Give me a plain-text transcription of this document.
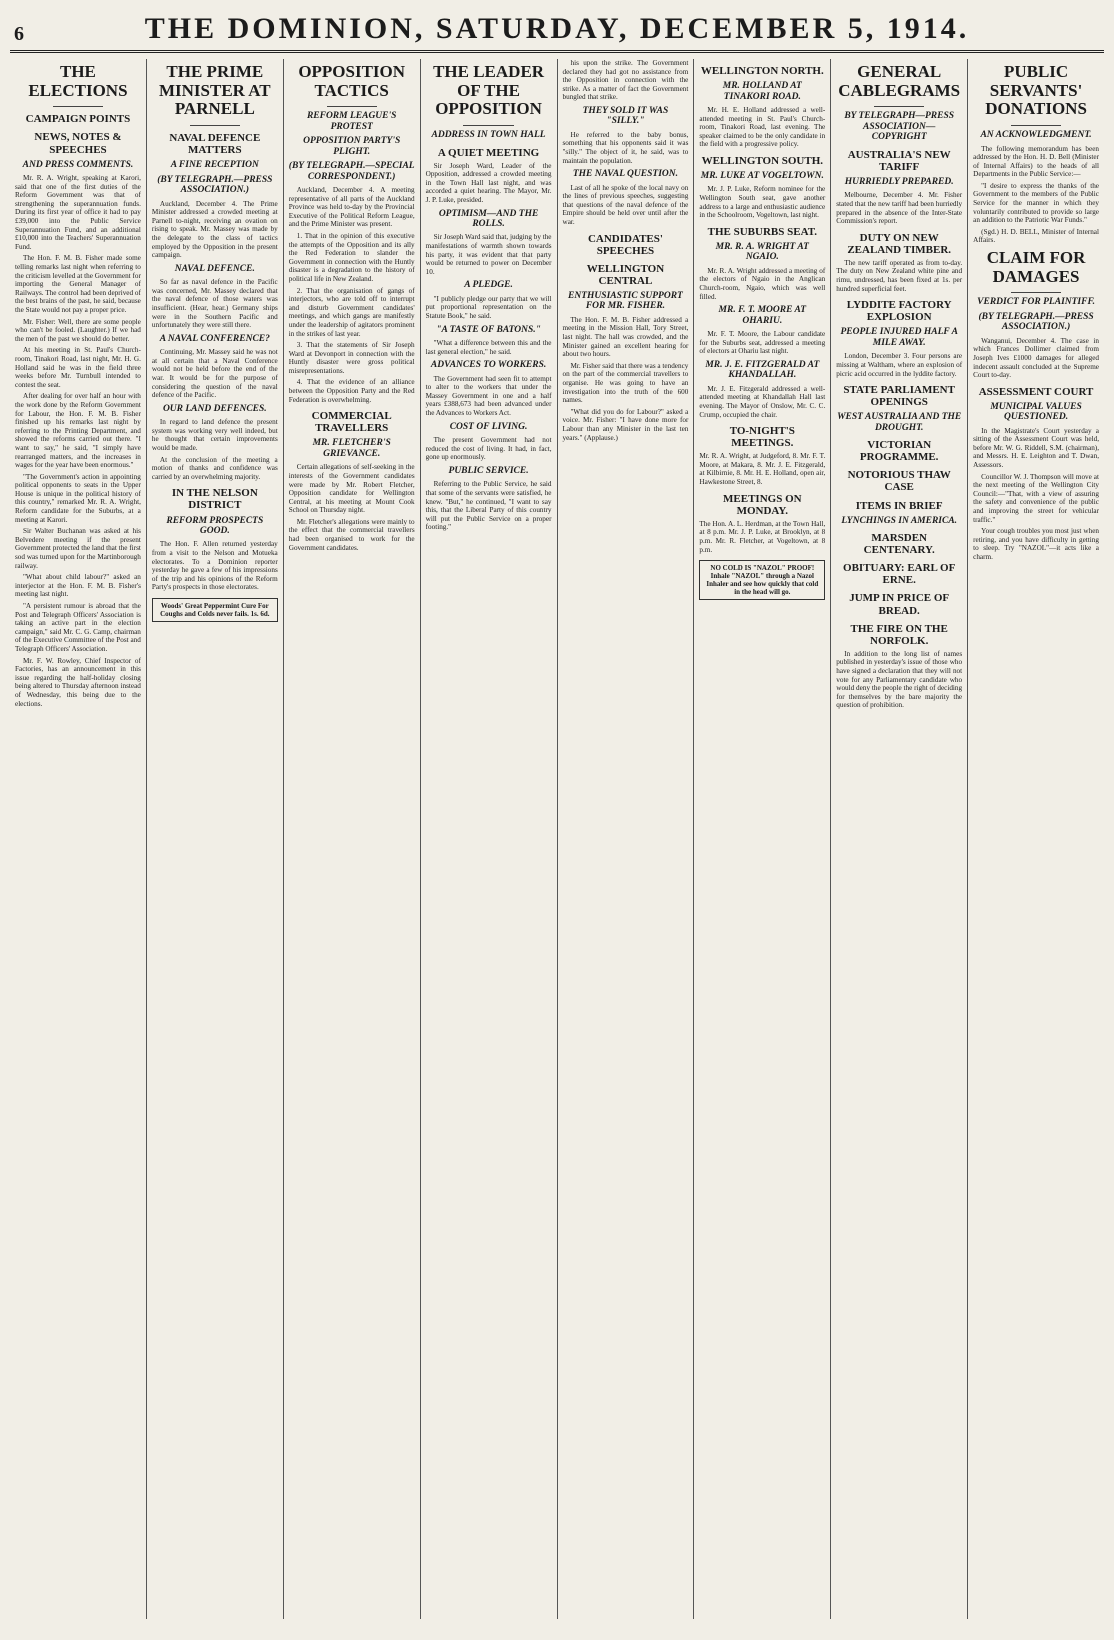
6	THE DOMINION, SATURDAY, DECEMBER 5, 1914.
THE ELECTIONS
CAMPAIGN POINTS
NEWS, NOTES & SPEECHES
AND PRESS COMMENTS.

Mr. R. A. Wright, speaking at Karori, said that one of the first duties of the Reform Government was that of strengthening the superannuation funds. During its first year of office it had to pay £39,000 into the Public Service Superannuation Fund, and an additional £10,000 into the Teachers' Superannuation Fund.

The Hon. F. M. B. Fisher made some telling remarks last night when referring to the criticism levelled at the Government for importing the General Manager of Railways. The control had been deprived of the best brains of the past, he said, because the State would not pay a proper price.

Mr. Fisher: Well, there are some people who can't be fooled. (Laughter.) If we had the men of the past we should do better.

At his meeting in St. Paul's Church-room, Tinakori Road, last night, Mr. H. G. Holland said he was in the field three weeks before Mr. Turnbull intended to contest the seat.

After dealing for over half an hour with the work done by the Reform Government for Labour, the Hon. F. M. B. Fisher finished up his remarks last night by referring to the Printing Department, and showed the reforms carried out there. "I want to say," he said, "I simply have rearranged matters, and the increases in wages for the year have been enormous."

"The Government's action in appointing political opponents to seats in the Upper House is unique in the political history of this country," remarked Mr. R. A. Wright, Reform candidate for the Suburbs, at a meeting at Karori.

Sir Walter Buchanan was asked at his Belvedere meeting if the present Government protected the land that the first sod was turned upon for the Martinborough railway.

"What about child labour?" asked an interjector at the Hon. F. M. B. Fisher's meeting last night.

"A persistent rumour is abroad that the Post and Telegraph Officers' Association is taking an active part in the election campaign," said Mr. C. G. Camp, chairman of the Executive Committee of the Post and Telegraph Officers' Association.

Mr. F. W. Rowley, Chief Inspector of Factories, has an announcement in this issue regarding the half-holiday closing being altered to Thursday afternoon instead of Wednesday, this being due to the elections.

THE PRIME MINISTER AT PARNELL
NAVAL DEFENCE MATTERS
A FINE RECEPTION
(BY TELEGRAPH.—PRESS ASSOCIATION.)

Auckland, December 4. The Prime Minister addressed a crowded meeting at Parnell to-night, receiving an ovation on rising to speak. Mr. Massey was made by the delegate to the class of tactics employed by the Opposition in the present campaign.

NAVAL DEFENCE.

So far as naval defence in the Pacific was concerned, Mr. Massey declared that the naval defence of those waters was insufficient. (Hear, hear.) Germany ships were in the Southern Pacific and unfortunately they were still there.

A NAVAL CONFERENCE?

Continuing, Mr. Massey said he was not at all certain that a Naval Conference would not be held before the end of the war. It would be for the purpose of considering the question of the naval defence of the Pacific.

OUR LAND DEFENCES.

In regard to land defence the present system was working very well indeed, but he thought that certain improvements would be made.

At the conclusion of the meeting a motion of thanks and confidence was carried by an overwhelming majority.

IN THE NELSON DISTRICT
REFORM PROSPECTS GOOD.

The Hon. F. Allen returned yesterday from a visit to the Nelson and Motueka electorates. To a Dominion reporter yesterday he gave a few of his impressions of the trip and his opinions of the Reform Party's prospects in those electorates.

Woods' Great Peppermint Cure For Coughs and Colds never fails. 1s. 6d.
OPPOSITION TACTICS
REFORM LEAGUE'S PROTEST
OPPOSITION PARTY'S PLIGHT.
(BY TELEGRAPH.—SPECIAL CORRESPONDENT.)

Auckland, December 4. A meeting representative of all parts of the Auckland Province was held to-day by the Provincial Executive of the Political Reform League, and the Prime Minister was present.

1. That in the opinion of this executive the attempts of the Opposition and its ally the Red Federation to slander the Government in connection with the Huntly disaster is a degradation to the history of political life in New Zealand.

2. That the organisation of gangs of interjectors, who are told off to interrupt and disturb Government candidates' meetings, and which gangs are manifestly under the leadership of agitators prominent in the strikes of last year.

3. That the statements of Sir Joseph Ward at Devonport in connection with the Huntly disaster were gross political misrepresentations.

4. That the evidence of an alliance between the Opposition Party and the Red Federation is overwhelming.

COMMERCIAL TRAVELLERS
MR. FLETCHER'S GRIEVANCE.

Certain allegations of self-seeking in the interests of the Government candidates were made by Mr. Robert Fletcher, Opposition candidate for Wellington Central, at his meeting at Mount Cook School on Thursday night.

Mr. Fletcher's allegations were mainly to the effect that the commercial travellers had been organised to work for the Government candidates.

THE LEADER OF THE OPPOSITION
ADDRESS IN TOWN HALL
A QUIET MEETING

Sir Joseph Ward, Leader of the Opposition, addressed a crowded meeting in the Town Hall last night, and was accorded a quiet hearing. The Mayor, Mr. J. P. Luke, presided.

OPTIMISM—AND THE ROLLS.

Sir Joseph Ward said that, judging by the manifestations of warmth shown towards his party, it was evident that that party would be returned to power on December 10.

A PLEDGE.

"I publicly pledge our party that we will put proportional representation on the Statute Book," he said.

"A TASTE OF BATONS."

"What a difference between this and the last general election," he said.

ADVANCES TO WORKERS.

The Government had seen fit to attempt to alter to the workers that under the Massey Government in one and a half years £388,673 had been advanced under the Advances to Workers Act.

COST OF LIVING.

The present Government had not reduced the cost of living. It had, in fact, gone up enormously.

PUBLIC SERVICE.

Referring to the Public Service, he said that some of the servants were satisfied, he knew. "But," he continued, "I want to say this, that the Liberal Party of this country will put the Public Service on a proper footing."

his upon the strike. The Government declared they had got no assistance from the Opposition in connection with the strike. As a matter of fact the Government bungled that strike.

THEY SOLD IT WAS "SILLY."

He referred to the baby bonus, something that his opponents said it was "silly." The object of it, he said, was to maintain the population.

THE NAVAL QUESTION.

Last of all he spoke of the local navy on the lines of previous speeches, suggesting that questions of the naval defence of the Empire should be held over until after the war.

CANDIDATES' SPEECHES
WELLINGTON CENTRAL
ENTHUSIASTIC SUPPORT FOR MR. FISHER.

The Hon. F. M. B. Fisher addressed a meeting in the Mission Hall, Tory Street, last night. The hall was crowded, and the Minister gained an excellent hearing for about two hours.

Mr. Fisher said that there was a tendency on the part of the commercial travellers to organise. He was going to have an investigation into the truth of the 600 names.

"What did you do for Labour?" asked a voice. Mr. Fisher: "I have done more for Labour than any Minister in the last ten years." (Applause.)

WELLINGTON NORTH.
MR. HOLLAND AT TINAKORI ROAD.

Mr. H. E. Holland addressed a well-attended meeting in St. Paul's Church-room, Tinakori Road, last evening. The speaker claimed to be the only candidate in the field with a progressive policy.

WELLINGTON SOUTH.
MR. LUKE AT VOGELTOWN.

Mr. J. P. Luke, Reform nominee for the Wellington South seat, gave another address to a large and enthusiastic audience in the Schoolroom, Vogeltown, last night.

THE SUBURBS SEAT.
MR. R. A. WRIGHT AT NGAIO.

Mr. R. A. Wright addressed a meeting of the electors of Ngaio in the Anglican Church-room, Ngaio, which was well filled.

MR. F. T. MOORE AT OHARIU.

Mr. F. T. Moore, the Labour candidate for the Suburbs seat, addressed a meeting of electors at Ohariu last night.

MR. J. E. FITZGERALD AT KHANDALLAH.

Mr. J. E. Fitzgerald addressed a well-attended meeting at Khandallah Hall last evening. The Mayor of Onslow, Mr. C. C. Crump, occupied the chair.

TO-NIGHT'S MEETINGS.

Mr. R. A. Wright, at Judgeford, 8. Mr. F. T. Moore, at Makara, 8. Mr. J. E. Fitzgerald, at Kilbirnie, 8. Mr. H. E. Holland, open air, Hawkestone Street, 8.

MEETINGS ON MONDAY.

The Hon. A. L. Herdman, at the Town Hall, at 8 p.m. Mr. J. P. Luke, at Brooklyn, at 8 p.m. Mr. R. Fletcher, at Vogeltown, at 8 p.m.

NO COLD IS "NAZOL" PROOF! Inhale "NAZOL" through a Nazol Inhaler and see how quickly that cold in the head will go.
GENERAL CABLEGRAMS
BY TELEGRAPH—PRESS ASSOCIATION—COPYRIGHT
AUSTRALIA'S NEW TARIFF
HURRIEDLY PREPARED.

Melbourne, December 4. Mr. Fisher stated that the new tariff had been hurriedly prepared in the absence of the Inter-State Commission's report.

DUTY ON NEW ZEALAND TIMBER.

The new tariff operated as from to-day. The duty on New Zealand white pine and rimu, undressed, has been fixed at 1s. per hundred superficial feet.

LYDDITE FACTORY EXPLOSION
PEOPLE INJURED HALF A MILE AWAY.

London, December 3. Four persons are missing at Waltham, where an explosion of picric acid occurred in the lyddite factory.

STATE PARLIAMENT OPENINGS
WEST AUSTRALIA AND THE DROUGHT.
VICTORIAN PROGRAMME.
NOTORIOUS THAW CASE
ITEMS IN BRIEF
LYNCHINGS IN AMERICA.
MARSDEN CENTENARY.
OBITUARY: EARL OF ERNE.
JUMP IN PRICE OF BREAD.
THE FIRE ON THE NORFOLK.

In addition to the long list of names published in yesterday's issue of those who have signed a declaration that they will not vote for any Parliamentary candidate who would deny the people the right of deciding for themselves by the bare majority the question of prohibition.

PUBLIC SERVANTS' DONATIONS
AN ACKNOWLEDGMENT.

The following memorandum has been addressed by the Hon. H. D. Bell (Minister of Internal Affairs) to the heads of all Departments in the Public Service:—

"I desire to express the thanks of the Government to the members of the Public Service for the manner in which they voluntarily contributed to provide so large an addition to the Patriotic War Funds."

(Sgd.) H. D. BELL, Minister of Internal Affairs.

CLAIM FOR DAMAGES
VERDICT FOR PLAINTIFF.
(BY TELEGRAPH.—PRESS ASSOCIATION.)

Wanganui, December 4. The case in which Frances Dollimer claimed from Joseph Ives £1000 damages for alleged indecent assault concluded at the Supreme Court to-day.

ASSESSMENT COURT
MUNICIPAL VALUES QUESTIONED.

In the Magistrate's Court yesterday a sitting of the Assessment Court was held, before Mr. W. G. Riddell, S.M. (chairman), and Messrs. H. E. Leighton and T. Dwan, Assessors.

Councillor W. J. Thompson will move at the next meeting of the Wellington City Council:—"That, with a view of assuring the safety and convenience of the public and improving the street for vehicular traffic."

Your cough troubles you most just when retiring, and you have difficulty in getting to sleep. Try "NAZOL"—it acts like a charm.
